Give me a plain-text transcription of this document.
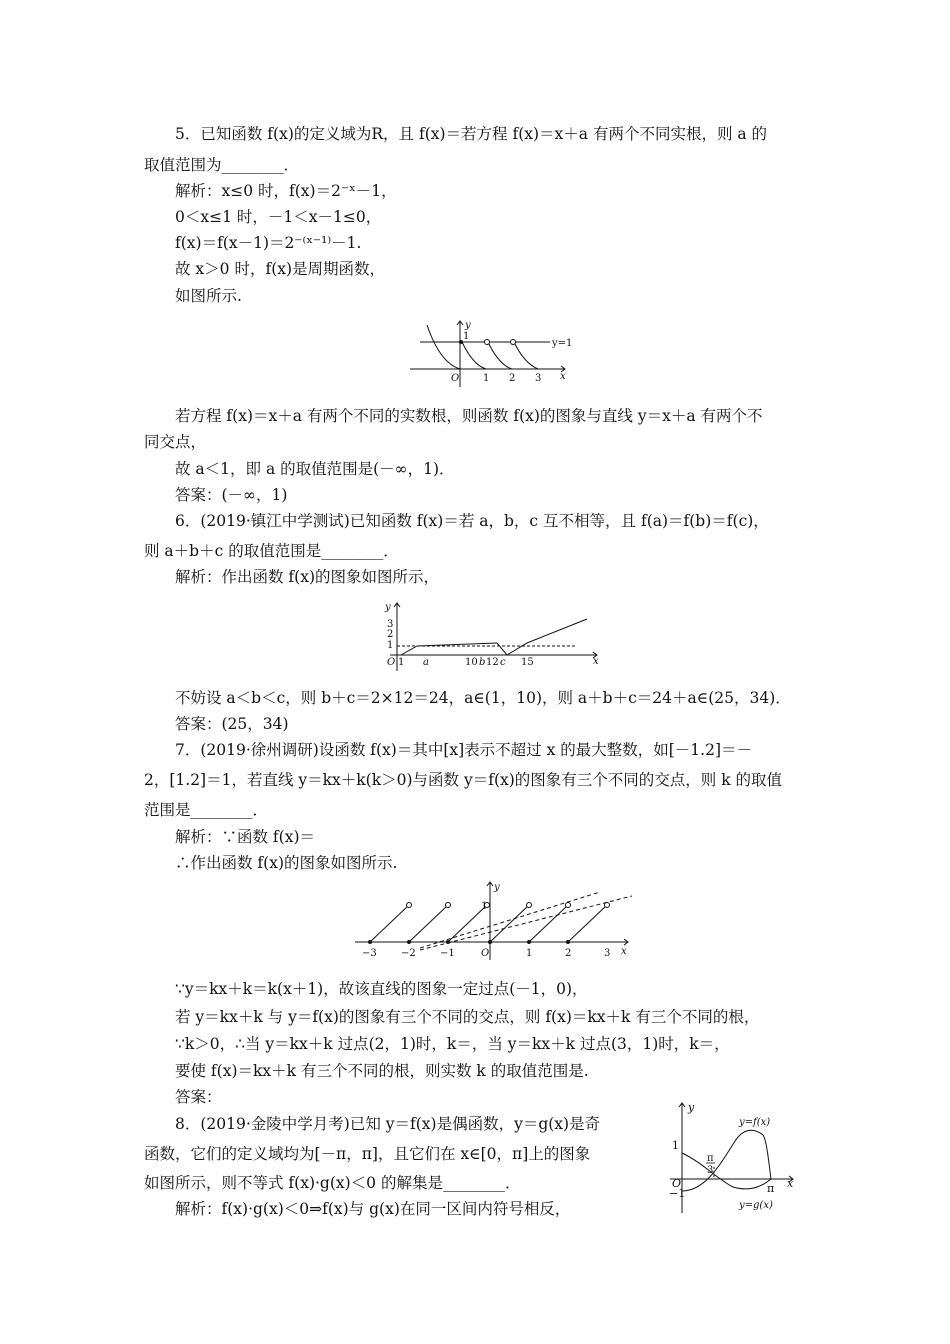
5．已知函数 f(x)的定义域为R，且 f(x)＝若方程 f(x)＝x＋a 有两个不同实根，则 a 的
取值范围为________．
解析：x≤0 时，f(x)＝2⁻ˣ－1，
0＜x≤1 时，－1＜x－1≤0，
f(x)＝f(x－1)＝2⁻⁽ˣ⁻¹⁾－1.
故 x＞0 时，f(x)是周期函数，
如图所示.
y
1
O 1 2 3 x
y=1
若方程 f(x)＝x＋a 有两个不同的实数根，则函数 f(x)的图象与直线 y＝x＋a 有两个不
同交点，
故 a＜1，即 a 的取值范围是(－∞，1)．
答案：(－∞，1)
6．(2019·镇江中学测试)已知函数 f(x)＝若 a，b，c 互不相等，且 f(a)＝f(b)＝f(c)，
则 a＋b＋c 的取值范围是________．
解析：作出函数 f(x)的图象如图所示，
y
3
2
1
O 1 a	10 b 12 c 15	x
不妨设 a＜b＜c，则 b＋c＝2×12＝24，a∈(1，10)，则 a＋b＋c＝24＋a∈(25，34)．
答案：(25，34)
7．(2019·徐州调研)设函数 f(x)＝其中[x]表示不超过 x 的最大整数，如[－1.2]＝－
2，[1.2]＝1，若直线 y＝kx＋k(k＞0)与函数 y＝f(x)的图象有三个不同的交点，则 k 的取值
范围是________．
解析：∵函数 f(x)＝
∴作出函数 f(x)的图象如图所示.
y
1
O
−3 −2 −1	1	2	3 x
∵y＝kx＋k＝k(x＋1)，故该直线的图象一定过点(－1，0)，
若 y＝kx＋k 与 y＝f(x)的图象有三个不同的交点，则 f(x)＝kx＋k 有三个不同的根，
∵k＞0，∴当 y＝kx＋k 过点(2，1)时，k＝，当 y＝kx＋k 过点(3，1)时，k＝，
要使 f(x)＝kx＋k 有三个不同的根，则实数 k 的取值范围是.
答案：
8．(2019·金陵中学月考)已知 y＝f(x)是偶函数，y＝g(x)是奇
函数，它们的定义域均为[－π，π]，且它们在 x∈[0，π]上的图象
如图所示，则不等式 f(x)·g(x)＜0 的解集是________．
解析：f(x)·g(x)＜0⇒f(x)与 g(x)在同一区间内符号相反，
y
1
−1
O
π
3
π x
y=f(x)
y=g(x)
